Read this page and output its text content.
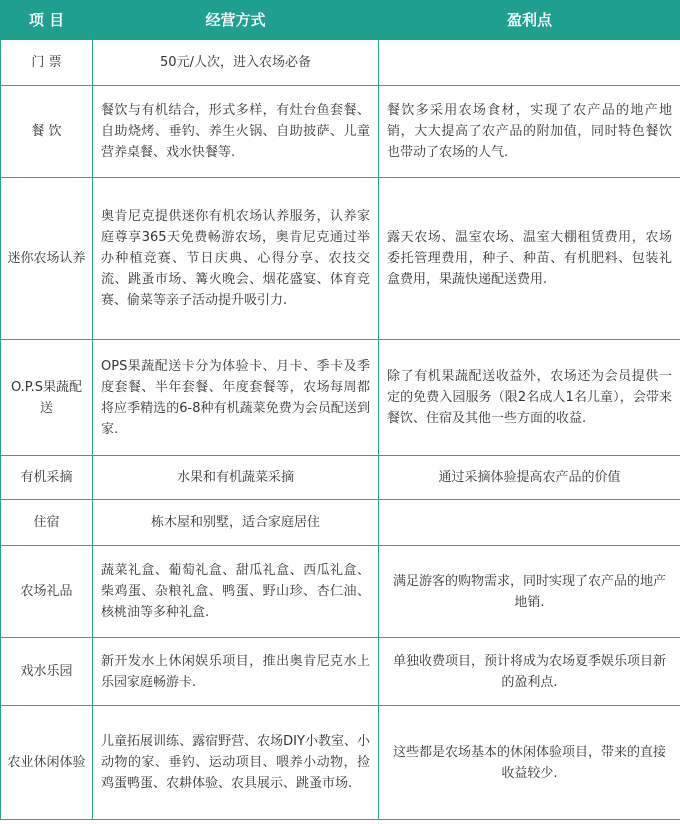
项 目	经营方式	盈利点
门 票	50元/人次，进入农场必备	
餐 饮	餐饮与有机结合，形式多样，有灶台鱼套餐、自助烧烤、垂钓、养生火锅、自助披萨、儿童营养桌餐、戏水快餐等.	餐饮多采用农场食材，实现了农产品的地产地销，大大提高了农产品的附加值，同时特色餐饮也带动了农场的人气.
迷你农场认养	奥肯尼克提供迷你有机农场认养服务，认养家庭尊享365天免费畅游农场，奥肯尼克通过举办种植竞赛、节日庆典、心得分享、农技交流、跳蚤市场、篝火晚会、烟花盛宴、体育竞赛、偷菜等亲子活动提升吸引力.	露天农场、温室农场、温室大棚租赁费用，农场委托管理费用，种子、种苗、有机肥料、包装礼盒费用，果蔬快递配送费用.
O.P.S果蔬配送	OPS果蔬配送卡分为体验卡、月卡、季卡及季度套餐、半年套餐、年度套餐等，农场每周都将应季精选的6-8种有机蔬菜免费为会员配送到家.	除了有机果蔬配送收益外，农场还为会员提供一定的免费入园服务（限2名成人1名儿童），会带来餐饮、住宿及其他一些方面的收益.
有机采摘	水果和有机蔬菜采摘	通过采摘体验提高农产品的价值
住宿	栋木屋和别墅，适合家庭居住	
农场礼品	蔬菜礼盒、葡萄礼盒、甜瓜礼盒、西瓜礼盒、柴鸡蛋、杂粮礼盒、鸭蛋、野山珍、杏仁油、核桃油等多种礼盒.	满足游客的购物需求，同时实现了农产品的地产地销.
戏水乐园	新开发水上休闲娱乐项目，推出奥肯尼克水上乐园家庭畅游卡.	单独收费项目，预计将成为农场夏季娱乐项目新的盈利点.
农业休闲体验	儿童拓展训练、露宿野营、农场DIY小教室、小动物的家、垂钓、运动项目、喂养小动物，捡鸡蛋鸭蛋、农耕体验、农具展示、跳蚤市场.	这些都是农场基本的休闲体验项目，带来的直接收益较少.
